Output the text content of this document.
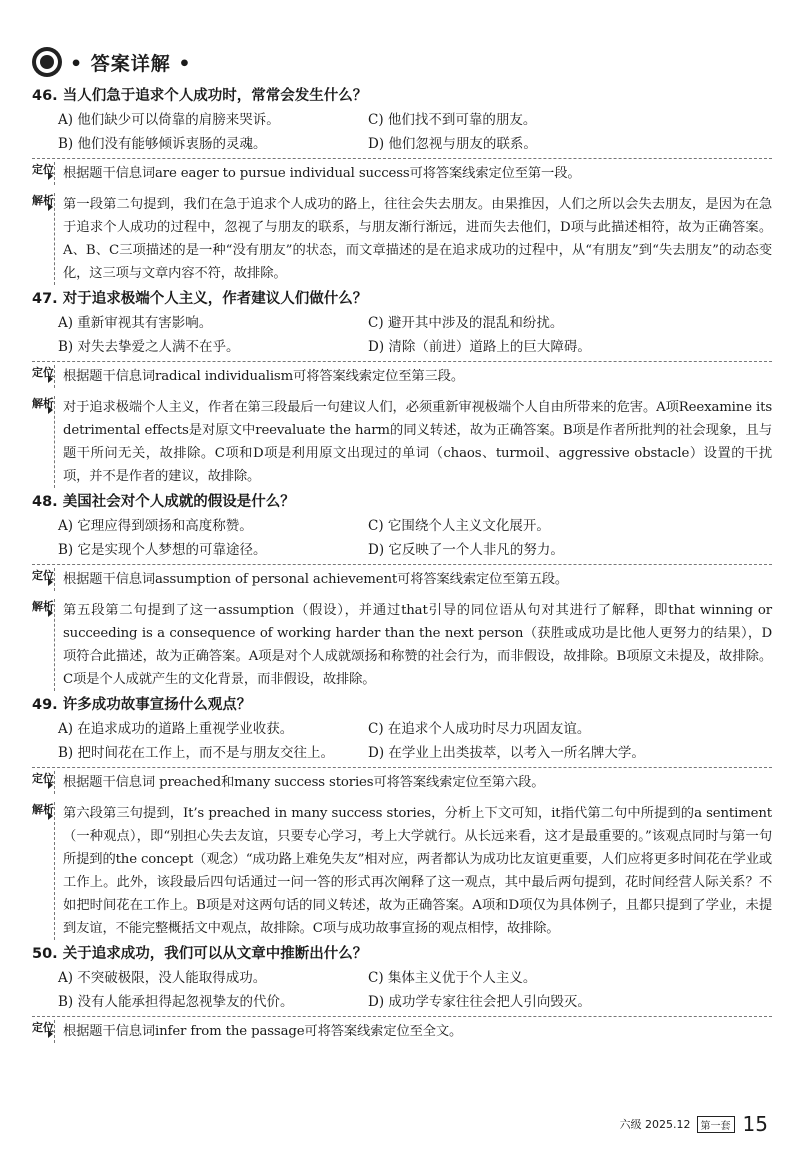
• 答案详解 •
46. 当人们急于追求个人成功时，常常会发生什么？
A) 他们缺少可以倚靠的肩膀来哭诉。	C) 他们找不到可靠的朋友。
B) 他们没有能够倾诉衷肠的灵魂。	D) 他们忽视与朋友的联系。
定位 根据题干信息词are eager to pursue individual success可将答案线索定位至第一段。
解析 第一段第二句提到，我们在急于追求个人成功的路上，往往会失去朋友。由果推因，人们之所以会失去朋友，是因为在急于追求个人成功的过程中，忽视了与朋友的联系，与朋友渐行渐远，进而失去他们，D项与此描述相符，故为正确答案。A、B、C三项描述的是一种“没有朋友”的状态，而文章描述的是在追求成功的过程中，从“有朋友”到“失去朋友”的动态变化，这三项与文章内容不符，故排除。
47. 对于追求极端个人主义，作者建议人们做什么？
A) 重新审视其有害影响。	C) 避开其中涉及的混乱和纷扰。
B) 对失去挚爱之人满不在乎。	D) 清除（前进）道路上的巨大障碍。
定位 根据题干信息词radical individualism可将答案线索定位至第三段。
解析 对于追求极端个人主义，作者在第三段最后一句建议人们，必须重新审视极端个人自由所带来的危害。A项Reexamine its detrimental effects是对原文中reevaluate the harm的同义转述，故为正确答案。B项是作者所批判的社会现象，且与题干所问无关，故排除。C项和D项是利用原文出现过的单词（chaos、turmoil、aggressive obstacle）设置的干扰项，并不是作者的建议，故排除。
48. 美国社会对个人成就的假设是什么？
A) 它理应得到颂扬和高度称赞。	C) 它围绕个人主义文化展开。
B) 它是实现个人梦想的可靠途径。	D) 它反映了一个人非凡的努力。
定位 根据题干信息词assumption of personal achievement可将答案线索定位至第五段。
解析 第五段第二句提到了这一assumption（假设），并通过that引导的同位语从句对其进行了解释，即that winning or succeeding is a consequence of working harder than the next person（获胜或成功是比他人更努力的结果），D项符合此描述，故为正确答案。A项是对个人成就颂扬和称赞的社会行为，而非假设，故排除。B项原文未提及，故排除。C项是个人成就产生的文化背景，而非假设，故排除。
49. 许多成功故事宣扬什么观点？
A) 在追求成功的道路上重视学业收获。	C) 在追求个人成功时尽力巩固友谊。
B) 把时间花在工作上，而不是与朋友交往上。	D) 在学业上出类拔萃，以考入一所名牌大学。
定位 根据题干信息词 preached和many success stories可将答案线索定位至第六段。
解析 第六段第三句提到，It’s preached in many success stories，分析上下文可知，it指代第二句中所提到的a sentiment（一种观点），即“别担心失去友谊，只要专心学习，考上大学就行。从长远来看，这才是最重要的。”该观点同时与第一句所提到的the concept（观念）“成功路上难免失友”相对应，两者都认为成功比友谊更重要，人们应将更多时间花在学业或工作上。此外，该段最后四句话通过一问一答的形式再次阐释了这一观点，其中最后两句提到，花时间经营人际关系？不如把时间花在工作上。B项是对这两句话的同义转述，故为正确答案。A项和D项仅为具体例子，且都只提到了学业，未提到友谊，不能完整概括文中观点，故排除。C项与成功故事宣扬的观点相悖，故排除。
50. 关于追求成功，我们可以从文章中推断出什么？
A) 不突破极限，没人能取得成功。	C) 集体主义优于个人主义。
B) 没有人能承担得起忽视挚友的代价。	D) 成功学专家往往会把人引向毁灭。
定位 根据题干信息词infer from the passage可将答案线索定位至全文。
六级 2025.12	第一套 15
